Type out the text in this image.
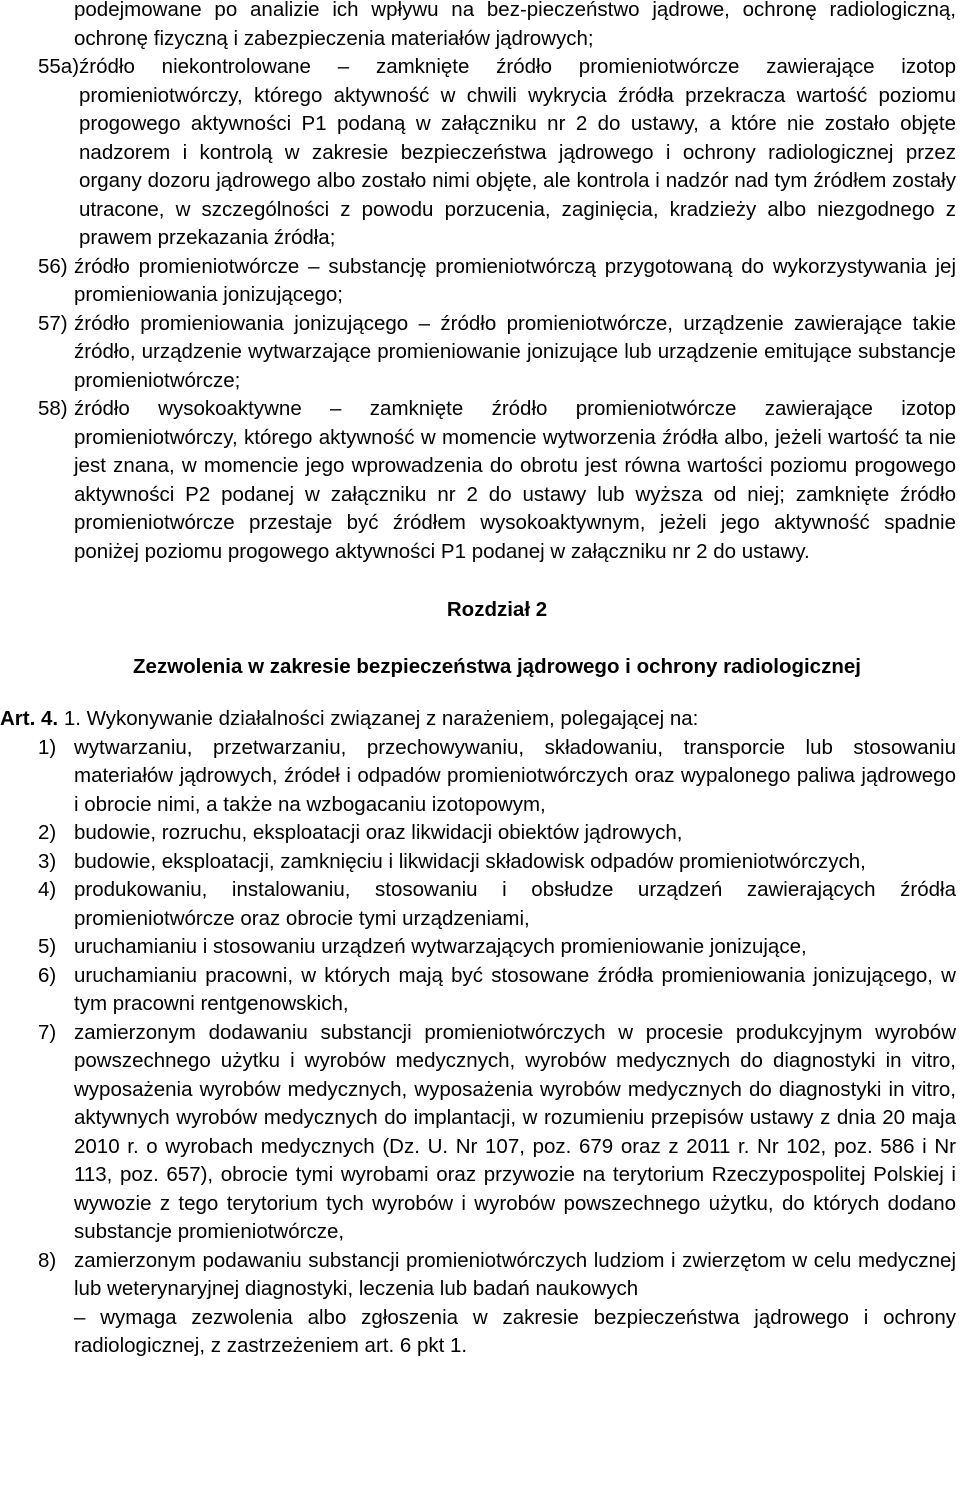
podejmowane po analizie ich wpływu na bez-pieczeństwo jądrowe, ochronę radiologiczną, ochronę fizyczną i zabezpieczenia materiałów jądrowych;
55a) źródło niekontrolowane – zamknięte źródło promieniotwórcze zawierające izotop promieniotwórczy, którego aktywność w chwili wykrycia źródła przekracza wartość poziomu progowego aktywności P1 podaną w załączniku nr 2 do ustawy, a które nie zostało objęte nadzorem i kontrolą w zakresie bezpieczeństwa jądrowego i ochrony radiologicznej przez organy dozoru jądrowego albo zostało nimi objęte, ale kontrola i nadzór nad tym źródłem zostały utracone, w szczególności z powodu porzucenia, zaginięcia, kradzieży albo niezgodnego z prawem przekazania źródła;
56) źródło promieniotwórcze – substancję promieniotwórczą przygotowaną do wykorzystywania jej promieniowania jonizującego;
57) źródło promieniowania jonizującego – źródło promieniotwórcze, urządzenie zawierające takie źródło, urządzenie wytwarzające promieniowanie jonizujące lub urządzenie emitujące substancje promieniotwórcze;
58) źródło wysokoaktywne – zamknięte źródło promieniotwórcze zawierające izotop promieniotwórczy, którego aktywność w momencie wytworzenia źródła albo, jeżeli wartość ta nie jest znana, w momencie jego wprowadzenia do obrotu jest równa wartości poziomu progowego aktywności P2 podanej w załączniku nr 2 do ustawy lub wyższa od niej; zamknięte źródło promieniotwórcze przestaje być źródłem wysokoaktywnym, jeżeli jego aktywność spadnie poniżej poziomu progowego aktywności P1 podanej w załączniku nr 2 do ustawy.
Rozdział 2
Zezwolenia w zakresie bezpieczeństwa jądrowego i ochrony radiologicznej
Art. 4. 1. Wykonywanie działalności związanej z narażeniem, polegającej na:
1) wytwarzaniu, przetwarzaniu, przechowywaniu, składowaniu, transporcie lub stosowaniu materiałów jądrowych, źródeł i odpadów promieniotwórczych oraz wypalonego paliwa jądrowego i obrocie nimi, a także na wzbogacaniu izotopowym,
2) budowie, rozruchu, eksploatacji oraz likwidacji obiektów jądrowych,
3) budowie, eksploatacji, zamknięciu i likwidacji składowisk odpadów promieniotwórczych,
4) produkowaniu, instalowaniu, stosowaniu i obsłudze urządzeń zawierających źródła promieniotwórcze oraz obrocie tymi urządzeniami,
5) uruchamianiu i stosowaniu urządzeń wytwarzających promieniowanie jonizujące,
6) uruchamianiu pracowni, w których mają być stosowane źródła promieniowania jonizującego, w tym pracowni rentgenowskich,
7) zamierzonym dodawaniu substancji promieniotwórczych w procesie produkcyjnym wyrobów powszechnego użytku i wyrobów medycznych, wyrobów medycznych do diagnostyki in vitro, wyposażenia wyrobów medycznych, wyposażenia wyrobów medycznych do diagnostyki in vitro, aktywnych wyrobów medycznych do implantacji, w rozumieniu przepisów ustawy z dnia 20 maja 2010 r. o wyrobach medycznych (Dz. U. Nr 107, poz. 679 oraz z 2011 r. Nr 102, poz. 586 i Nr 113, poz. 657), obrocie tymi wyrobami oraz przywozie na terytorium Rzeczypospolitej Polskiej i wywozie z tego terytorium tych wyrobów i wyrobów powszechnego użytku, do których dodano substancje promieniotwórcze,
8) zamierzonym podawaniu substancji promieniotwórczych ludziom i zwierzętom w celu medycznej lub weterynaryjnej diagnostyki, leczenia lub badań naukowych
– wymaga zezwolenia albo zgłoszenia w zakresie bezpieczeństwa jądrowego i ochrony radiologicznej, z zastrzeżeniem art. 6 pkt 1.
